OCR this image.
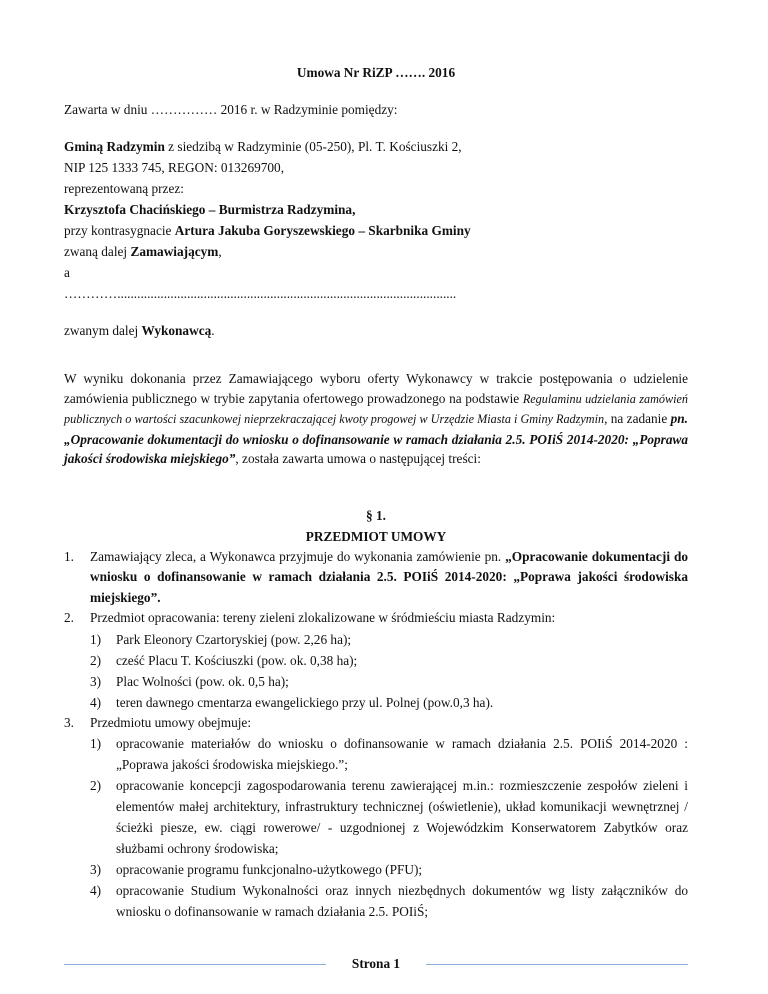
Umowa Nr RiZP ……. 2016
Zawarta w dniu …………… 2016 r. w Radzyminie pomiędzy:
Gminą Radzymin z siedzibą w Radzyminie (05-250), Pl. T. Kościuszki 2,
NIP 125 1333 745, REGON: 013269700,
reprezentowaną przez:
Krzysztofa Chacińskiego – Burmistrza Radzymina,
przy kontrasygnacie Artura Jakuba Goryszewskiego – Skarbnika Gminy
zwaną dalej Zamawiającym,
a
…………......................................................................................................
zwanym dalej Wykonawcą.
W wyniku dokonania przez Zamawiającego wyboru oferty Wykonawcy w trakcie postępowania o udzielenie zamówienia publicznego w trybie zapytania ofertowego prowadzonego na podstawie Regulaminu udzielania zamówień publicznych o wartości szacunkowej nieprzekraczającej kwoty progowej w Urzędzie Miasta i Gminy Radzymin, na zadanie pn. „Opracowanie dokumentacji do wniosku o dofinansowanie w ramach działania 2.5. POIiŚ 2014-2020: „Poprawa jakości środowiska miejskiego”, została zawarta umowa o następującej treści:
§ 1.
PRZEDMIOT UMOWY
1. Zamawiający zleca, a Wykonawca przyjmuje do wykonania zamówienie pn. „Opracowanie dokumentacji do wniosku o dofinansowanie w ramach działania 2.5. POIiŚ 2014-2020: „Poprawa jakości środowiska miejskiego”.
2. Przedmiot opracowania: tereny zieleni zlokalizowane w śródmieściu miasta Radzymin:
1) Park Eleonory Czartoryskiej (pow. 2,26 ha);
2) cześć Placu T. Kościuszki (pow. ok. 0,38 ha);
3) Plac Wolności (pow. ok. 0,5 ha);
4) teren dawnego cmentarza ewangelickiego przy ul. Polnej (pow.0,3 ha).
3. Przedmiotu umowy obejmuje:
1) opracowanie materiałów do wniosku o dofinansowanie w ramach działania 2.5. POIiŚ 2014-2020 : „Poprawa jakości środowiska miejskiego.”;
2) opracowanie koncepcji zagospodarowania terenu zawierającej m.in.: rozmieszczenie zespołów zieleni i elementów małej architektury, infrastruktury technicznej (oświetlenie), układ komunikacji wewnętrznej /ścieżki piesze, ew. ciągi rowerowe/ - uzgodnionej z Wojewódzkim Konserwatorem Zabytków oraz służbami ochrony środowiska;
3) opracowanie programu funkcjonalno-użytkowego (PFU);
4) opracowanie Studium Wykonalności oraz innych niezbędnych dokumentów wg listy załączników do wniosku o dofinansowanie w ramach działania 2.5. POIiŚ;
Strona 1
